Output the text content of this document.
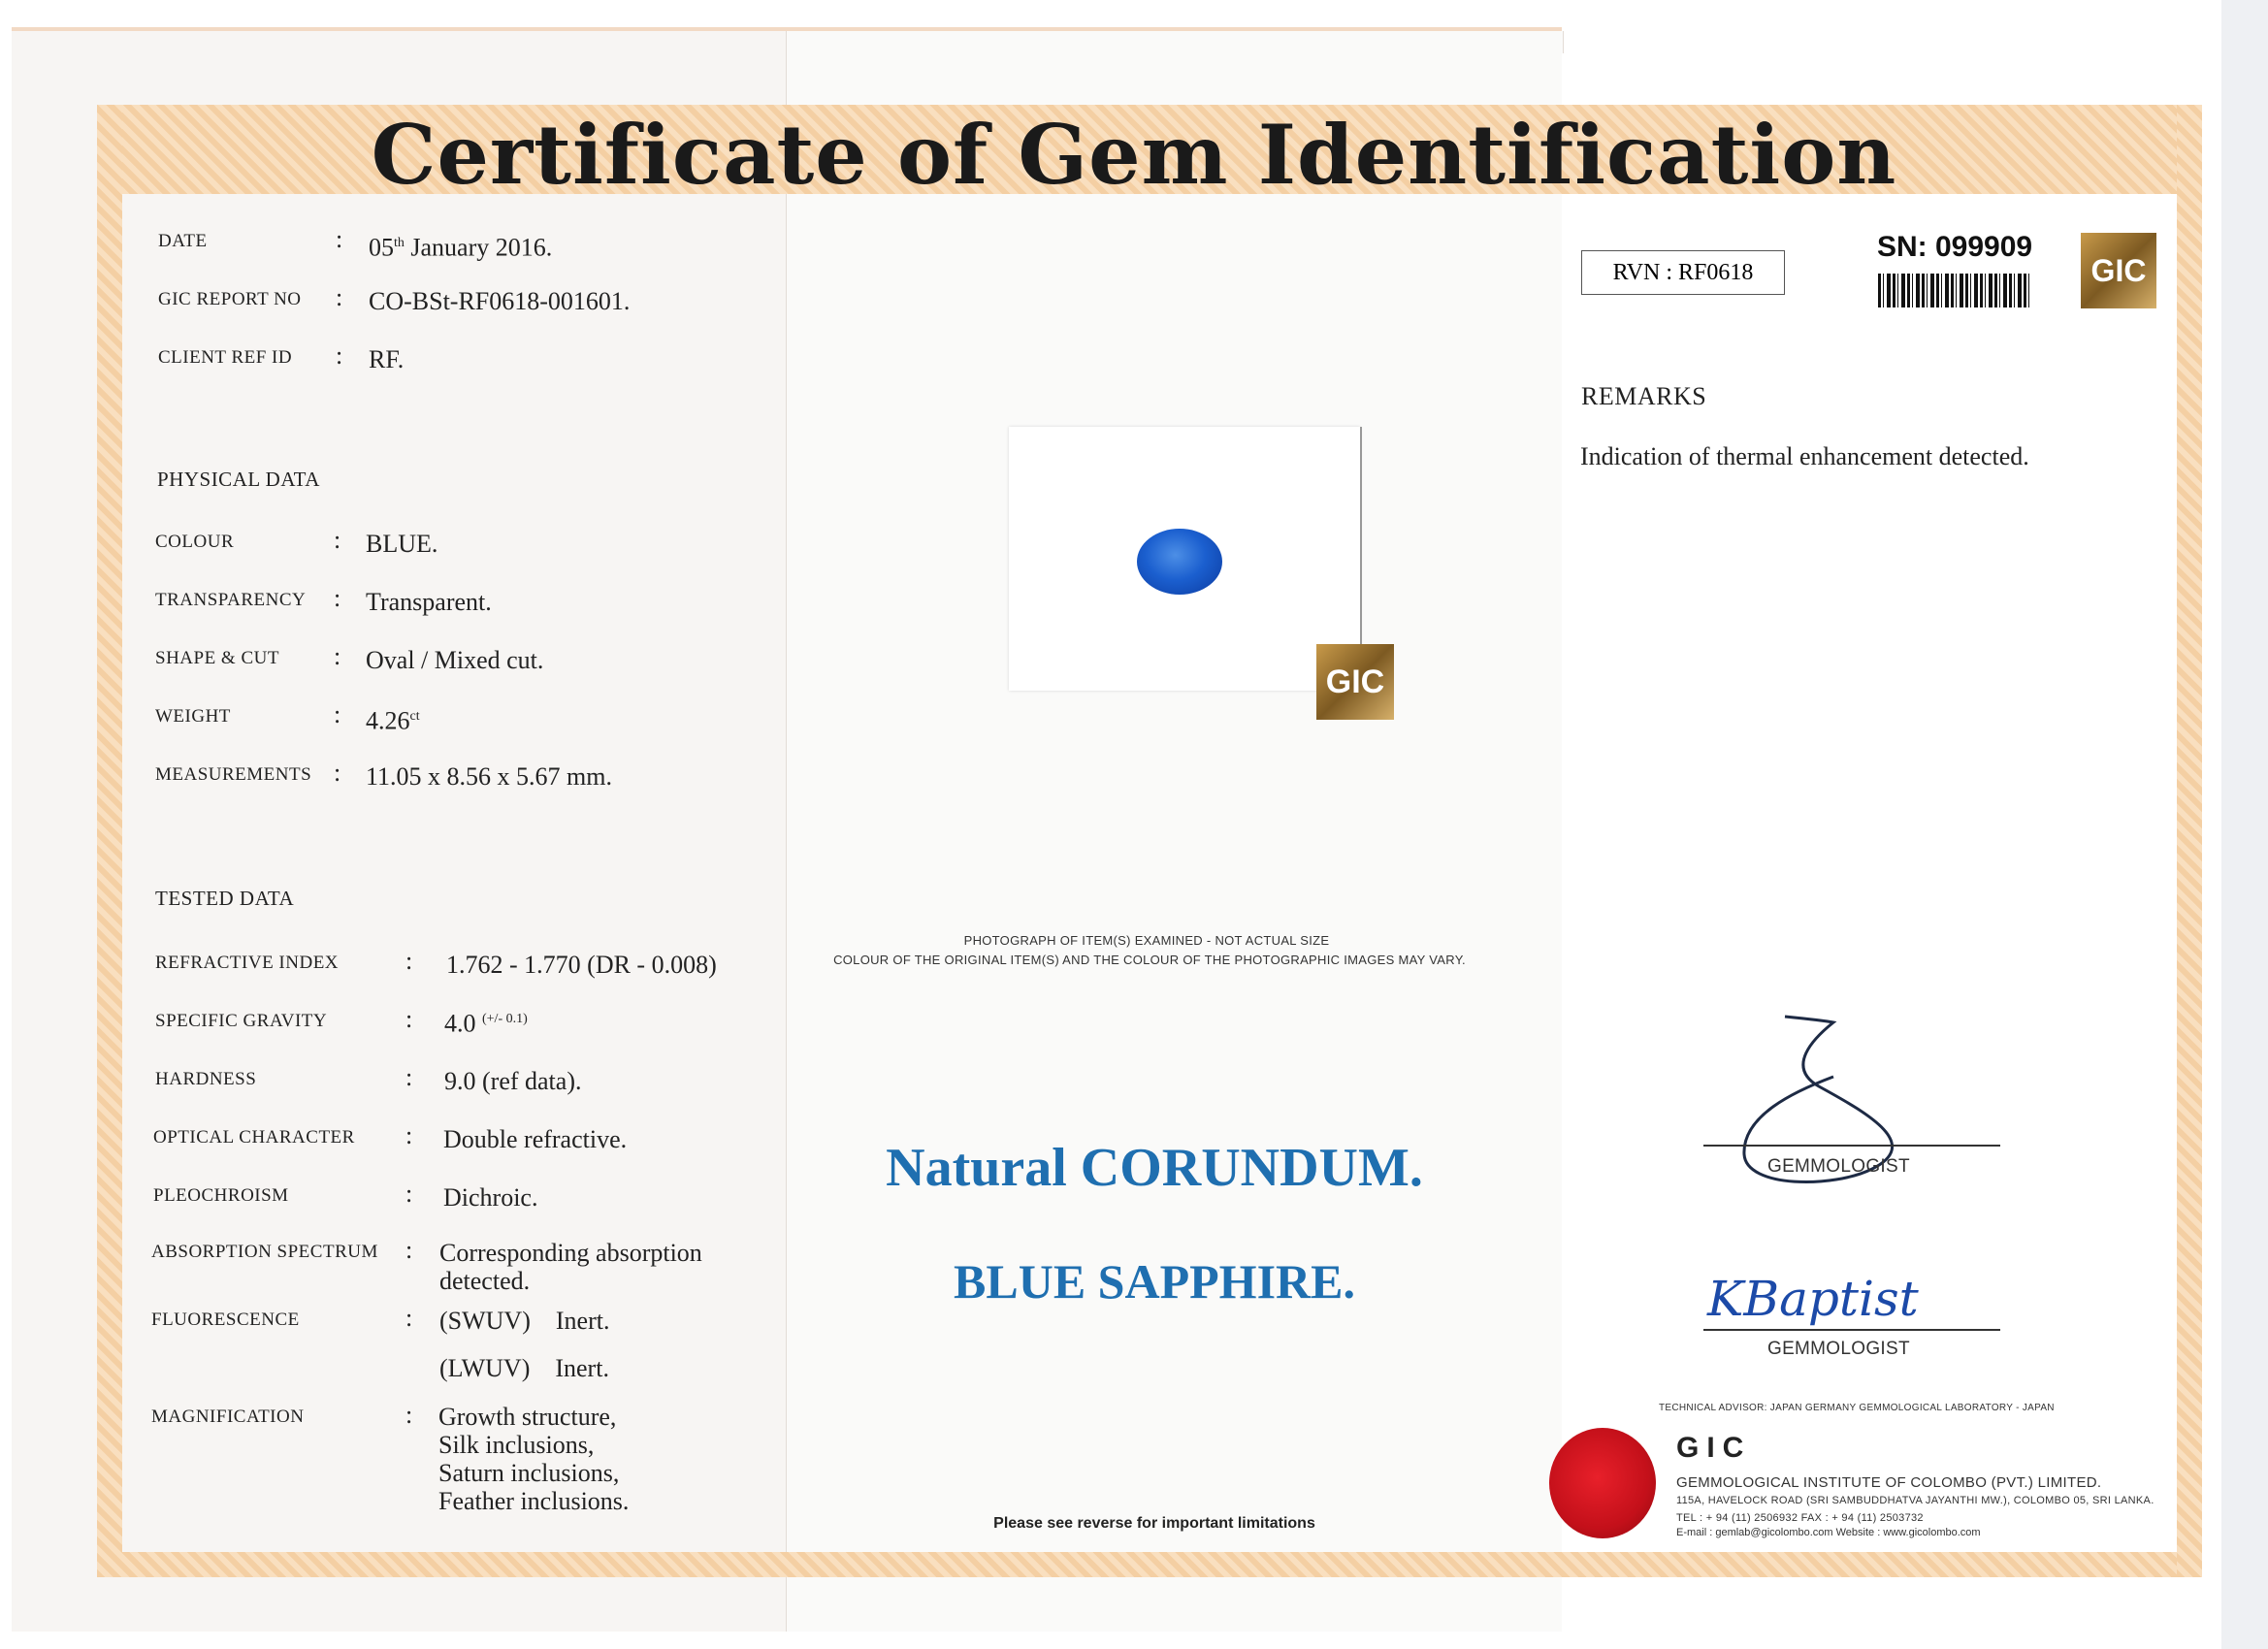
Certificate of Gem Identification
DATE	: 05th January 2016.
GIC REPORT NO : CO-BSt-RF0618-001601.
CLIENT REF ID : RF.
PHYSICAL DATA
COLOUR	: BLUE.
TRANSPARENCY : Transparent.
SHAPE & CUT : Oval / Mixed cut.
WEIGHT	: $4.26^{ct}$
MEASUREMENTS : 11.05 x 8.56 x 5.67 mm.
TESTED DATA
REFRACTIVE INDEX	: 1.762 - 1.770 (DR - 0.008)
SPECIFIC GRAVITY	: 4.0 $^{(+/- 0.1)}$
HARDNESS	: 9.0 (ref data).
OPTICAL CHARACTER : Double refractive.
PLEOCHROISM	: Dichroic.
ABSORPTION SPECTRUM : Corresponding absorption
detected.
FLUORESCENCE	: (SWUV)    Inert.
(LWUV)    Inert.
MAGNIFICATION	: Growth structure,
Silk inclusions,
Saturn inclusions,
Feather inclusions.
GIC
PHOTOGRAPH OF ITEM(S) EXAMINED - NOT ACTUAL SIZE
COLOUR OF THE ORIGINAL ITEM(S) AND THE COLOUR OF THE PHOTOGRAPHIC IMAGES MAY VARY.
Natural CORUNDUM.
BLUE SAPPHIRE.
Please see reverse for important limitations
RVN : RF0618
SN: 099909
GIC
REMARKS
Indication of thermal enhancement detected.
GEMMOLOGIST
KBaptist
GEMMOLOGIST
TECHNICAL ADVISOR: JAPAN GERMANY GEMMOLOGICAL LABORATORY - JAPAN
GIC
GEMMOLOGICAL INSTITUTE OF COLOMBO (PVT.) LIMITED.
115A, HAVELOCK ROAD (SRI SAMBUDDHATVA JAYANTHI MW.), COLOMBO 05, SRI LANKA.
TEL : + 94 (11) 2506932 FAX : + 94 (11) 2503732
E-mail : gemlab@gicolombo.com Website : www.gicolombo.com
